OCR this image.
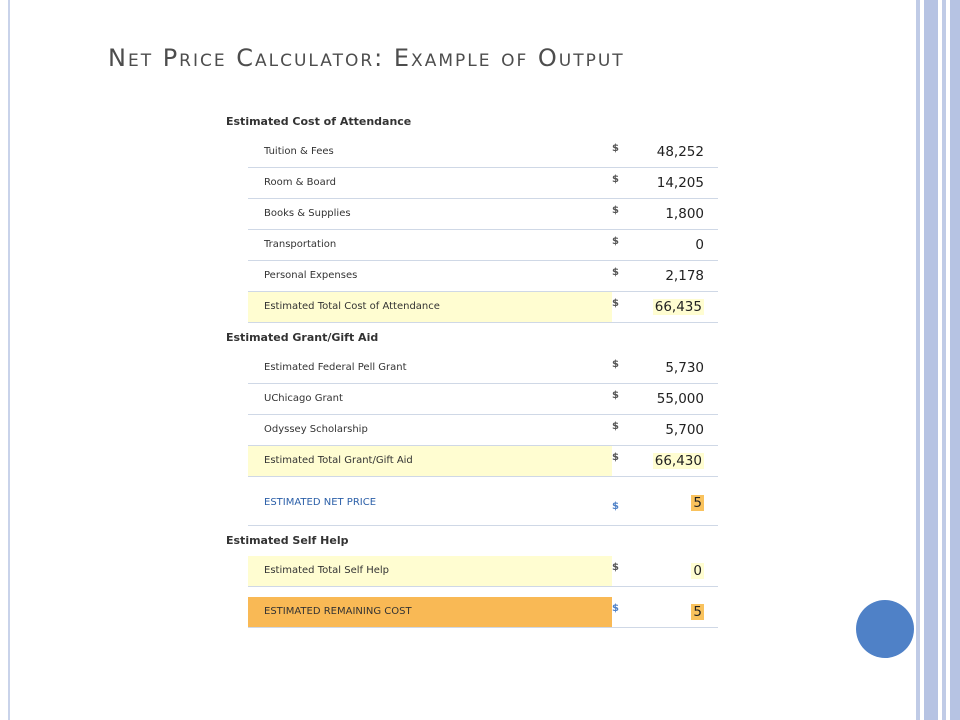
Net Price Calculator: Example of Output
Estimated Cost of Attendance
Tuition & Fees	$	48,252
Room & Board	$	14,205
Books & Supplies	$	1,800
Transportation	$	0
Personal Expenses	$	2,178
Estimated Total Cost of Attendance	$	66,435
Estimated Grant/Gift Aid
Estimated Federal Pell Grant	$	5,730
UChicago Grant	$	55,000
Odyssey Scholarship	$	5,700
Estimated Total Grant/Gift Aid	$	66,430
ESTIMATED NET PRICE	$	5
Estimated Self Help
Estimated Total Self Help	$	0
ESTIMATED REMAINING COST	$	5
